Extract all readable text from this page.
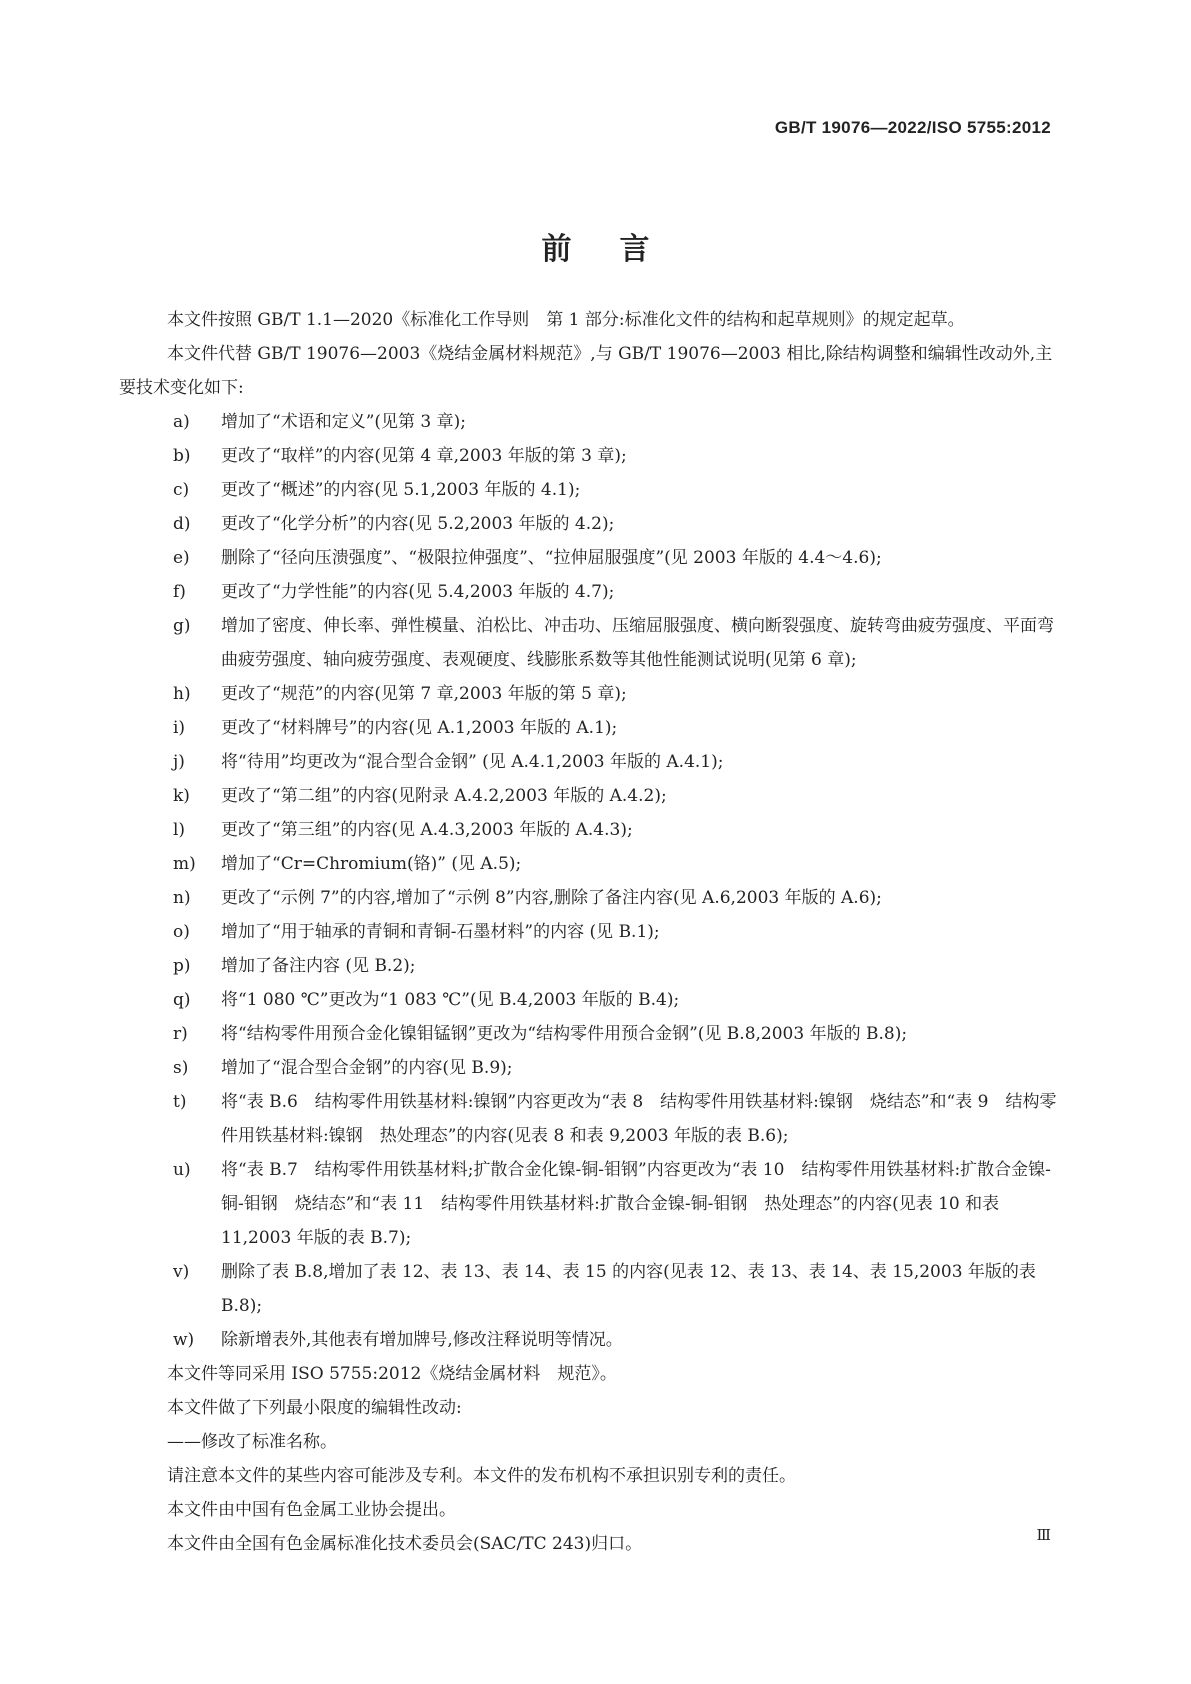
GB/T 19076—2022/ISO 5755:2012
前言

本文件按照 GB/T 1.1—2020《标准化工作导则　第 1 部分:标准化文件的结构和起草规则》的规定起草。

本文件代替 GB/T 19076—2003《烧结金属材料规范》,与 GB/T 19076—2003 相比,除结构调整和编辑性改动外,主要技术变化如下:

a)	增加了“术语和定义”(见第 3 章);
b)	更改了“取样”的内容(见第 4 章,2003 年版的第 3 章);
c)	更改了“概述”的内容(见 5.1,2003 年版的 4.1);
d)	更改了“化学分析”的内容(见 5.2,2003 年版的 4.2);
e)	删除了“径向压溃强度”、“极限拉伸强度”、“拉伸屈服强度”(见 2003 年版的 4.4～4.6);
f)	更改了“力学性能”的内容(见 5.4,2003 年版的 4.7);
g)	增加了密度、伸长率、弹性模量、泊松比、冲击功、压缩屈服强度、横向断裂强度、旋转弯曲疲劳强度、平面弯曲疲劳强度、轴向疲劳强度、表观硬度、线膨胀系数等其他性能测试说明(见第 6 章);
h)	更改了“规范”的内容(见第 7 章,2003 年版的第 5 章);
i)	更改了“材料牌号”的内容(见 A.1,2003 年版的 A.1);
j)	将“待用”均更改为“混合型合金钢” (见 A.4.1,2003 年版的 A.4.1);
k)	更改了“第二组”的内容(见附录 A.4.2,2003 年版的 A.4.2);
l)	更改了“第三组”的内容(见 A.4.3,2003 年版的 A.4.3);
m)	增加了“Cr=Chromium(铬)” (见 A.5);
n)	更改了“示例 7”的内容,增加了“示例 8”内容,删除了备注内容(见 A.6,2003 年版的 A.6);
o)	增加了“用于轴承的青铜和青铜-石墨材料”的内容 (见 B.1);
p)	增加了备注内容 (见 B.2);
q)	将“1 080 ℃”更改为“1 083 ℃”(见 B.4,2003 年版的 B.4);
r)	将“结构零件用预合金化镍钼锰钢”更改为“结构零件用预合金钢”(见 B.8,2003 年版的 B.8);
s)	增加了“混合型合金钢”的内容(见 B.9);
t)	将“表 B.6　结构零件用铁基材料:镍钢”内容更改为“表 8　结构零件用铁基材料:镍钢　烧结态”和“表 9　结构零件用铁基材料:镍钢　热处理态”的内容(见表 8 和表 9,2003 年版的表 B.6);
u)	将“表 B.7　结构零件用铁基材料;扩散合金化镍-铜-钼钢”内容更改为“表 10　结构零件用铁基材料:扩散合金镍-铜-钼钢　烧结态”和“表 11　结构零件用铁基材料:扩散合金镍-铜-钼钢　热处理态”的内容(见表 10 和表 11,2003 年版的表 B.7);
v)	删除了表 B.8,增加了表 12、表 13、表 14、表 15 的内容(见表 12、表 13、表 14、表 15,2003 年版的表 B.8);
w)	除新增表外,其他表有增加牌号,修改注释说明等情况。

本文件等同采用 ISO 5755:2012《烧结金属材料　规范》。

本文件做了下列最小限度的编辑性改动:

——修改了标准名称。

请注意本文件的某些内容可能涉及专利。本文件的发布机构不承担识别专利的责任。

本文件由中国有色金属工业协会提出。

本文件由全国有色金属标准化技术委员会(SAC/TC 243)归口。	Ⅲ
